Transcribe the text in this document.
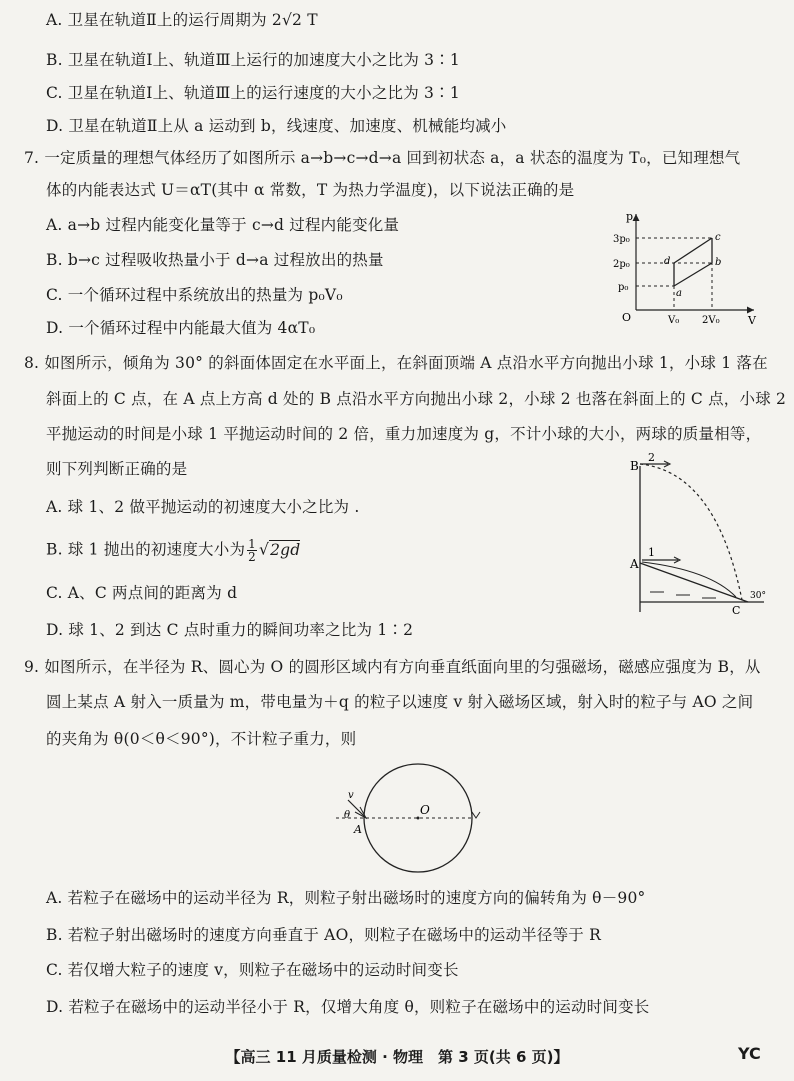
A. 卫星在轨道Ⅱ上的运行周期为 2√2 T
B. 卫星在轨道Ⅰ上、轨道Ⅲ上运行的加速度大小之比为 3∶1
C. 卫星在轨道Ⅰ上、轨道Ⅲ上的运行速度的大小之比为 3∶1
D. 卫星在轨道Ⅱ上从 a 运动到 b，线速度、加速度、机械能均减小
7. 一定质量的理想气体经历了如图所示 a→b→c→d→a 回到初状态 a，a 状态的温度为 T₀，已知理想气
体的内能表达式 U＝αT(其中 α 常数，T 为热力学温度)，以下说法正确的是
A. a→b 过程内能变化量等于 c→d 过程内能变化量
B. b→c 过程吸收热量小于 d→a 过程放出的热量
C. 一个循环过程中系统放出的热量为 p₀V₀
D. 一个循环过程中内能最大值为 4αT₀
p
V
O
3p₀
2p₀
p₀
V₀ 2V₀
a
b
c
d
8. 如图所示，倾角为 30° 的斜面体固定在水平面上，在斜面顶端 A 点沿水平方向抛出小球 1，小球 1 落在
斜面上的 C 点，在 A 点上方高 d 处的 B 点沿水平方向抛出小球 2，小球 2 也落在斜面上的 C 点，小球 2
平抛运动的时间是小球 1 平抛运动时间的 2 倍，重力加速度为 g，不计小球的大小，两球的质量相等，
则下列判断正确的是
A. 球 1、2 做平抛运动的初速度大小之比为 .
B. 球 1 抛出的初速度大小为 $\frac{1}{2} √2gd$
C. A、C 两点间的距离为 d
D. 球 1、2 到达 C 点时重力的瞬间功率之比为 1∶2
B
2
A
1
C
30°
9. 如图所示，在半径为 R、圆心为 O 的圆形区域内有方向垂直纸面向里的匀强磁场，磁感应强度为 B，从
圆上某点 A 射入一质量为 m，带电量为＋q 的粒子以速度 v 射入磁场区域，射入时的粒子与 AO 之间
的夹角为 θ(0＜θ＜90°)，不计粒子重力，则
O
A
v
θ
A. 若粒子在磁场中的运动半径为 R，则粒子射出磁场时的速度方向的偏转角为 θ－90°
B. 若粒子射出磁场时的速度方向垂直于 AO，则粒子在磁场中的运动半径等于 R
C. 若仅增大粒子的速度 v，则粒子在磁场中的运动时间变长
D. 若粒子在磁场中的运动半径小于 R，仅增大角度 θ，则粒子在磁场中的运动时间变长
【高三 11 月质量检测 · 物理　第 3 页(共 6 页)】	YC
